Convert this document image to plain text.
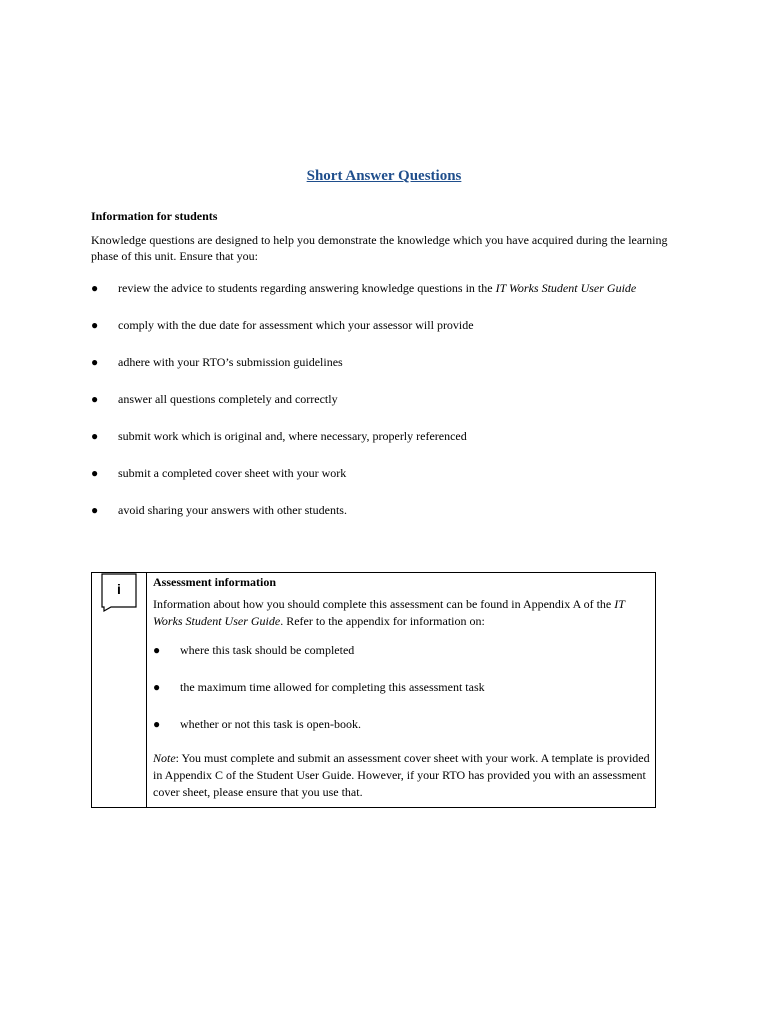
Short Answer Questions
Information for students
Knowledge questions are designed to help you demonstrate the knowledge which you have acquired during the learning phase of this unit. Ensure that you:
● review the advice to students regarding answering knowledge questions in the IT Works Student User Guide
● comply with the due date for assessment which your assessor will provide
● adhere with your RTO’s submission guidelines
● answer all questions completely and correctly
● submit work which is original and, where necessary, properly referenced
● submit a completed cover sheet with your work
● avoid sharing your answers with other students.
i	Assessment information
Information about how you should complete this assessment can be found in Appendix A of the IT Works Student User Guide. Refer to the appendix for information on:
● where this task should be completed
● the maximum time allowed for completing this assessment task
● whether or not this task is open-book.
Note: You must complete and submit an assessment cover sheet with your work. A template is provided in Appendix C of the Student User Guide. However, if your RTO has provided you with an assessment cover sheet, please ensure that you use that.
